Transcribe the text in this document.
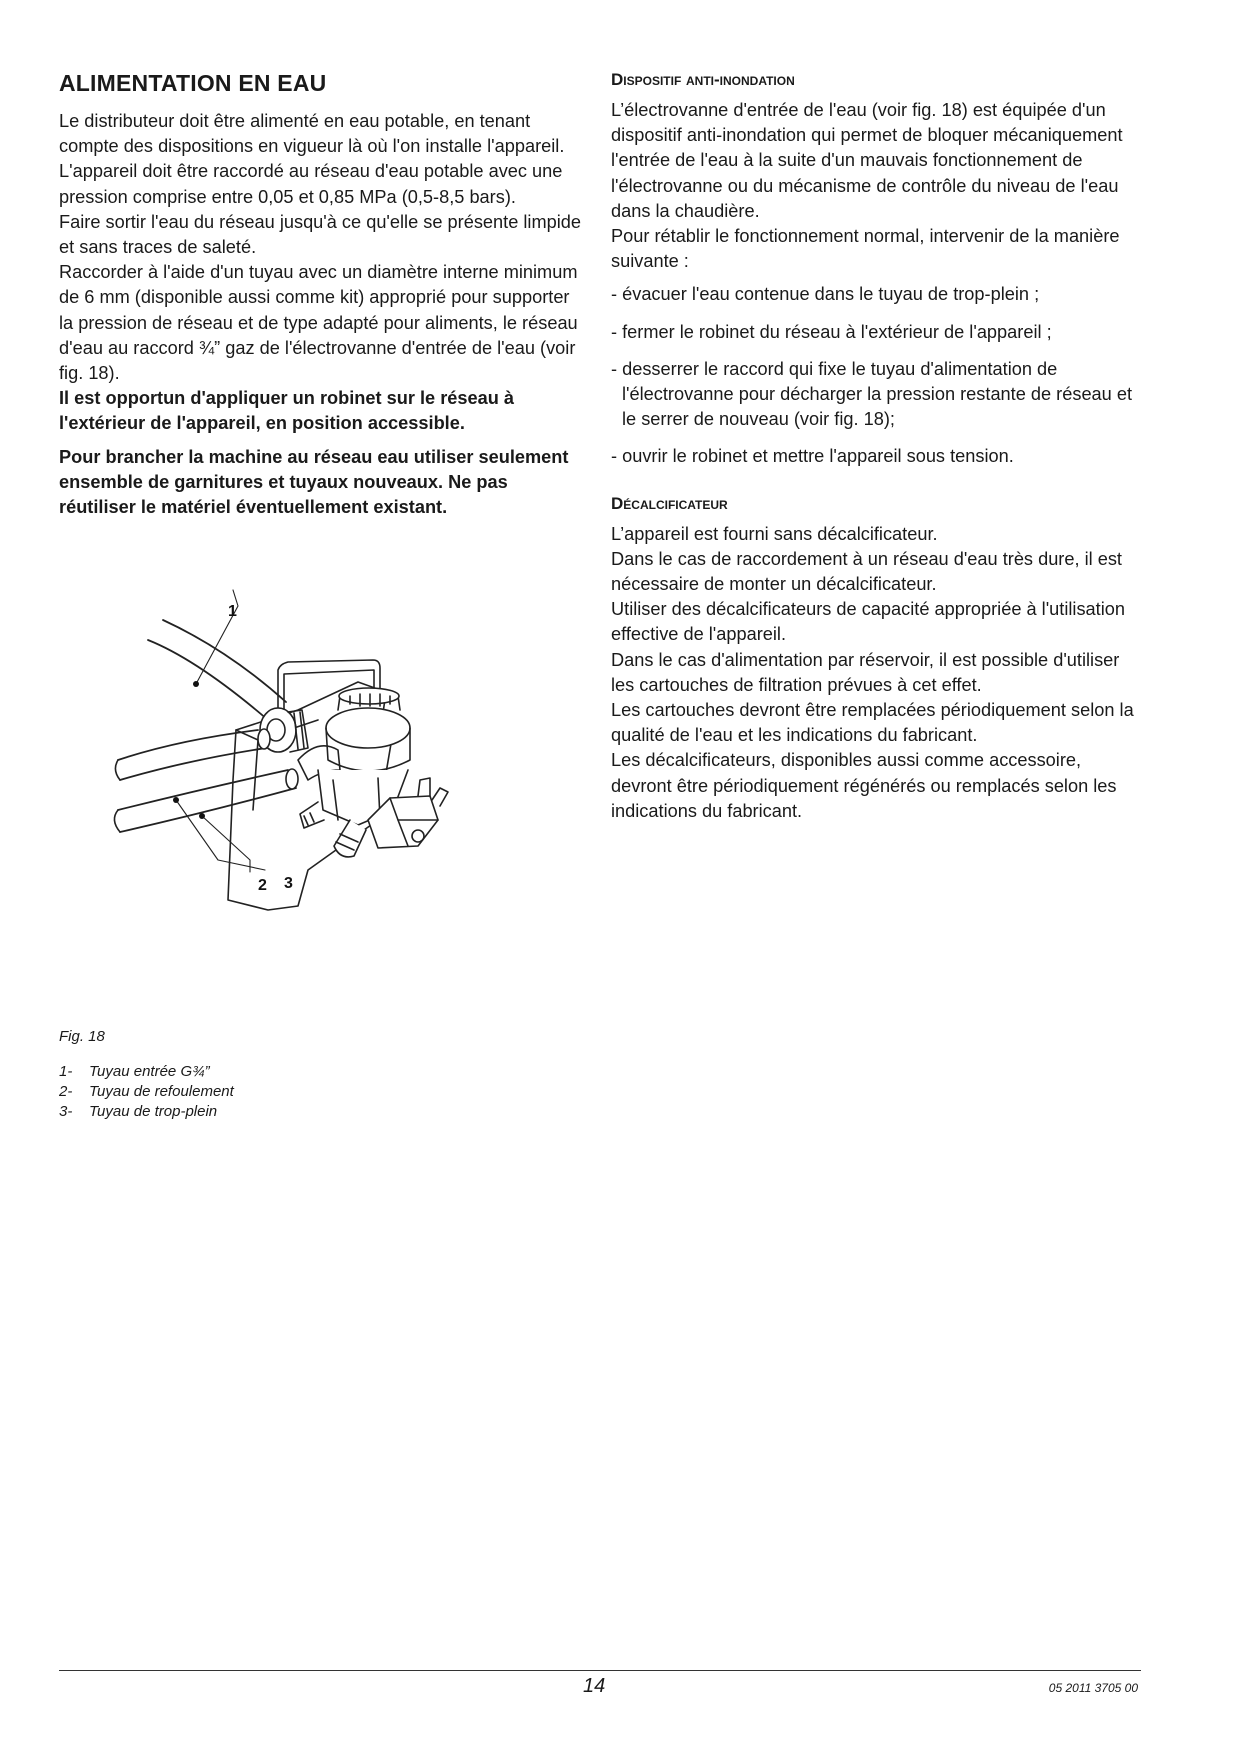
ALIMENTATION EN EAU

Le distributeur doit être alimenté en eau potable, en tenant compte des dispositions en vigueur là où l'on installe l'appareil.

L'appareil doit être raccordé au réseau d'eau potable avec une pression comprise entre 0,05 et 0,85 MPa (0,5-8,5 bars).

Faire sortir l'eau du réseau jusqu'à ce qu'elle se présente limpide et sans traces de saleté.

Raccorder à l'aide d'un tuyau avec un diamètre interne minimum de 6 mm (disponible aussi comme kit) approprié pour supporter la pression de réseau et de type adapté pour aliments, le réseau d'eau au raccord ¾” gaz de l'électrovanne d'entrée de l'eau (voir fig. 18).

Il est opportun d'appliquer un robinet sur le réseau à l'extérieur de l'appareil, en position accessible.

Pour brancher la machine au réseau eau utiliser seulement ensemble de garnitures et tuyaux nouveaux. Ne pas réutiliser le matériel éventuellement existant.

1
2 3
Fig. 18
1- Tuyau entrée G¾”
2- Tuyau de refoulement
3- Tuyau de trop-plein
Dispositif anti-inondation

L’électrovanne d'entrée de l'eau (voir fig. 18) est équipée d'un dispositif anti-inondation qui permet de bloquer mécaniquement l'entrée de l'eau à la suite d'un mauvais fonctionnement de l'électrovanne ou du mécanisme de contrôle du niveau de l'eau dans la chaudière.

Pour rétablir le fonctionnement normal, intervenir de la manière suivante :

- évacuer l'eau contenue dans le tuyau de trop-plein ;
- fermer le robinet du réseau à l'extérieur de l'appareil ;
- desserrer le raccord qui fixe le tuyau d'alimentation de l'électrovanne pour décharger la pression restante de réseau et le serrer de nouveau (voir fig. 18);
- ouvrir le robinet et mettre l'appareil sous tension.
Décalcificateur

L’appareil est fourni sans décalcificateur.

Dans le cas de raccordement à un réseau d'eau très dure, il est nécessaire de monter un décalcificateur.

Utiliser des décalcificateurs de capacité appropriée à l'utilisation effective de l'appareil.

Dans le cas d'alimentation par réservoir, il est possible d'utiliser les cartouches de filtration prévues à cet effet.

Les cartouches devront être remplacées périodiquement selon la qualité de l'eau et les indications du fabricant.

Les décalcificateurs, disponibles aussi comme accessoire, devront être périodiquement régénérés ou remplacés selon les indications du fabricant.

14	05 2011 3705 00
